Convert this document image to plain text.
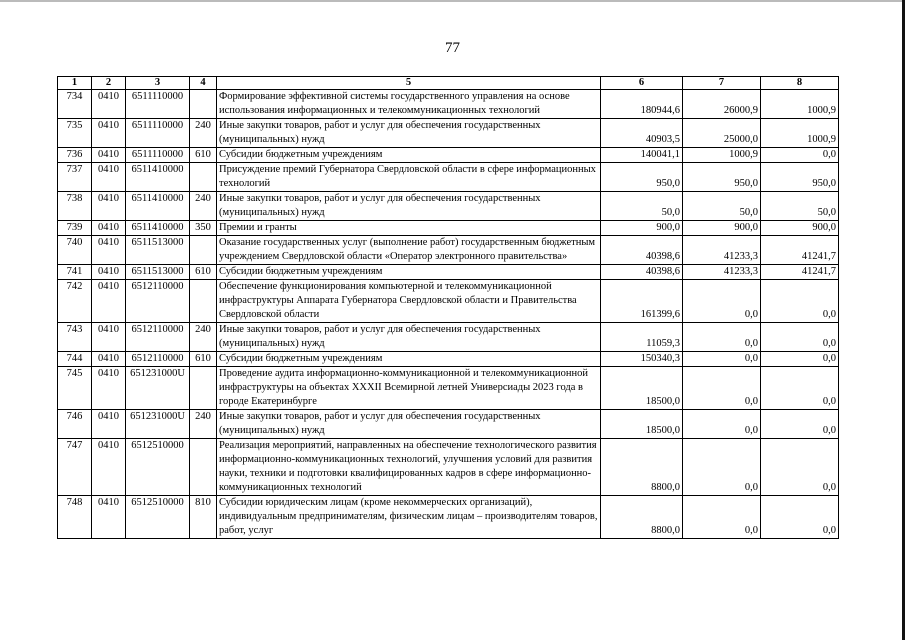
77
1	2	3	4	5	6	7	8
734	0410	6511110000		Формирование эффективной системы государственного управления на основе использования информационных и телекоммуникационных технологий	180944,6	26000,9	1000,9
735	0410	6511110000	240	Иные закупки товаров, работ и услуг для обеспечения государственных (муниципальных) нужд	40903,5	25000,0	1000,9
736	0410	6511110000	610	Субсидии бюджетным учреждениям	140041,1	1000,9	0,0
737	0410	6511410000		Присуждение премий Губернатора Свердловской области в сфере информационных технологий	950,0	950,0	950,0
738	0410	6511410000	240	Иные закупки товаров, работ и услуг для обеспечения государственных (муниципальных) нужд	50,0	50,0	50,0
739	0410	6511410000	350	Премии и гранты	900,0	900,0	900,0
740	0410	6511513000		Оказание государственных услуг (выполнение работ) государственным бюджетным учреждением Свердловской области «Оператор электронного правительства»	40398,6	41233,3	41241,7
741	0410	6511513000	610	Субсидии бюджетным учреждениям	40398,6	41233,3	41241,7
742	0410	6512110000		Обеспечение функционирования компьютерной и телекоммуникационной инфраструктуры Аппарата Губернатора Свердловской области и Правительства Свердловской области	161399,6	0,0	0,0
743	0410	6512110000	240	Иные закупки товаров, работ и услуг для обеспечения государственных (муниципальных) нужд	11059,3	0,0	0,0
744	0410	6512110000	610	Субсидии бюджетным учреждениям	150340,3	0,0	0,0
745	0410	651231000U		Проведение аудита информационно-коммуникационной и телекоммуникационной инфраструктуры на объектах XXXII Всемирной летней Универсиады 2023 года в городе Екатеринбурге	18500,0	0,0	0,0
746	0410	651231000U	240	Иные закупки товаров, работ и услуг для обеспечения государственных (муниципальных) нужд	18500,0	0,0	0,0
747	0410	6512510000		Реализация мероприятий, направленных на обеспечение технологического развития информационно-коммуникационных технологий, улучшения условий для развития науки, техники и подготовки квалифицированных кадров в сфере информационно-коммуникационных технологий	8800,0	0,0	0,0
748	0410	6512510000	810	Субсидии юридическим лицам (кроме некоммерческих организаций), индивидуальным предпринимателям, физическим лицам – производителям товаров, работ, услуг	8800,0	0,0	0,0
